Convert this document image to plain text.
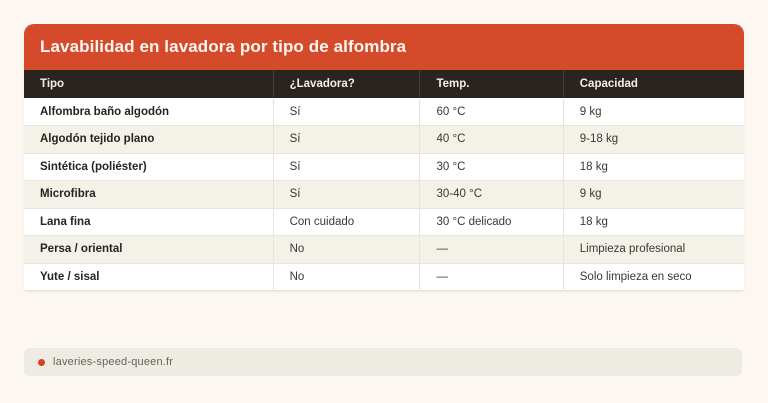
Lavabilidad en lavadora por tipo de alfombra
Tipo	¿Lavadora?	Temp.	Capacidad
Alfombra baño algodón	Sí	60 °C	9 kg
Algodón tejido plano	Sí	40 °C	9-18 kg
Sintética (poliéster)	Sí	30 °C	18 kg
Microfibra	Sí	30-40 °C	9 kg
Lana fina	Con cuidado	30 °C delicado	18 kg
Persa / oriental	No	—	Limpieza profesional
Yute / sisal	No	—	Solo limpieza en seco
laveries-speed-queen.fr
